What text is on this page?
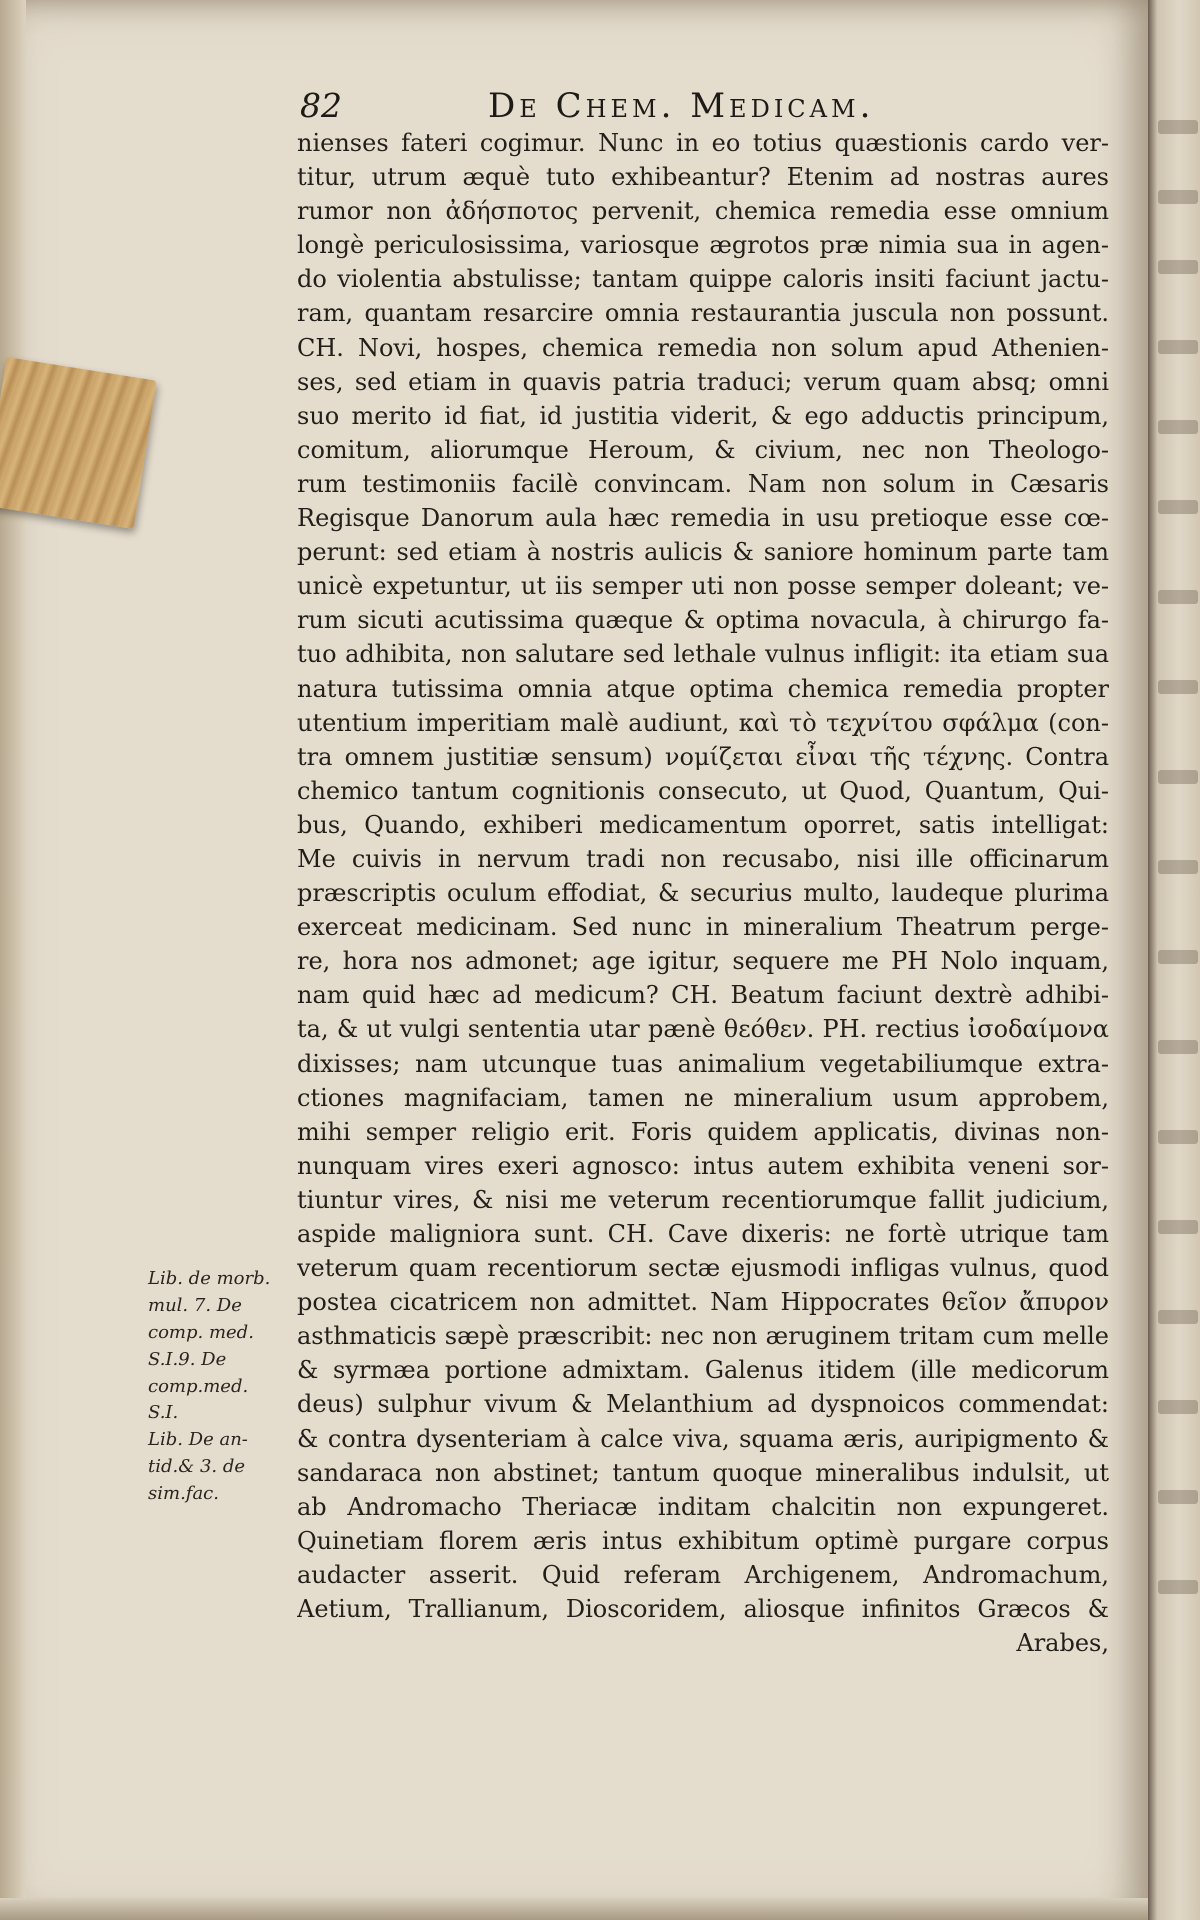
82	De Chem. Medicam.
nienses fateri cogimur. Nunc in eo totius quæstionis cardo ver-
titur, utrum æquè tuto exhibeantur? Etenim ad nostras aures
rumor non ἀδήσποτος pervenit, chemica remedia esse omnium
longè periculosissima, variosque ægrotos præ nimia sua in agen-
do violentia abstulisse; tantam quippe caloris insiti faciunt jactu-
ram, quantam resarcire omnia restaurantia juscula non possunt.
CH. Novi, hospes, chemica remedia non solum apud Athenien-
ses, sed etiam in quavis patria traduci; verum quam absq; omni
suo merito id fiat, id justitia viderit, & ego adductis principum,
comitum, aliorumque Heroum, & civium, nec non Theologo-
rum testimoniis facilè convincam. Nam non solum in Cæsaris
Regisque Danorum aula hæc remedia in usu pretioque esse cœ-
perunt: sed etiam à nostris aulicis & saniore hominum parte tam
unicè expetuntur, ut iis semper uti non posse semper doleant; ve-
rum sicuti acutissima quæque & optima novacula, à chirurgo fa-
tuo adhibita, non salutare sed lethale vulnus infligit: ita etiam sua
natura tutissima omnia atque optima chemica remedia propter
utentium imperitiam malè audiunt, καὶ τὸ τεχνίτου σφάλμα (con-
tra omnem justitiæ sensum) νομίζεται εἶναι τῆς τέχνης. Contra
chemico tantum cognitionis consecuto, ut Quod, Quantum, Qui-
bus, Quando, exhiberi medicamentum oporret, satis intelligat:
Me cuivis in nervum tradi non recusabo, nisi ille officinarum
præscriptis oculum effodiat, & securius multo, laudeque plurima
exerceat medicinam. Sed nunc in mineralium Theatrum perge-
re, hora nos admonet; age igitur, sequere me PH Nolo inquam,
nam quid hæc ad medicum? CH. Beatum faciunt dextrè adhibi-
ta, & ut vulgi sententia utar pænè θεόθεν. PH. rectius ἰσοδαίμονα
dixisses; nam utcunque tuas animalium vegetabiliumque extra-
ctiones magnifaciam, tamen ne mineralium usum approbem,
mihi semper religio erit. Foris quidem applicatis, divinas non-
nunquam vires exeri agnosco: intus autem exhibita veneni sor-
tiuntur vires, & nisi me veterum recentiorumque fallit judicium,
aspide maligniora sunt. CH. Cave dixeris: ne fortè utrique tam
veterum quam recentiorum sectæ ejusmodi infligas vulnus, quod
postea cicatricem non admittet. Nam Hippocrates θεῖον ἄπυρον
asthmaticis sæpè præscribit: nec non æruginem tritam cum melle
& syrmæa portione admixtam. Galenus itidem (ille medicorum
deus) sulphur vivum & Melanthium ad dyspnoicos commendat:
& contra dysenteriam à calce viva, squama æris, auripigmento &
sandaraca non abstinet; tantum quoque mineralibus indulsit, ut
ab Andromacho Theriacæ inditam chalcitin non expungeret.
Quinetiam florem æris intus exhibitum optimè purgare corpus
audacter asserit. Quid referam Archigenem, Andromachum,
Aetium, Trallianum, Dioscoridem, aliosque infinitos Græcos &
Arabes,
Lib. de morb.
mul. 7. De
comp. med.
S.I.9. De
comp.med.
S.I.
Lib. De an-
tid.& 3. de
sim.fac.
